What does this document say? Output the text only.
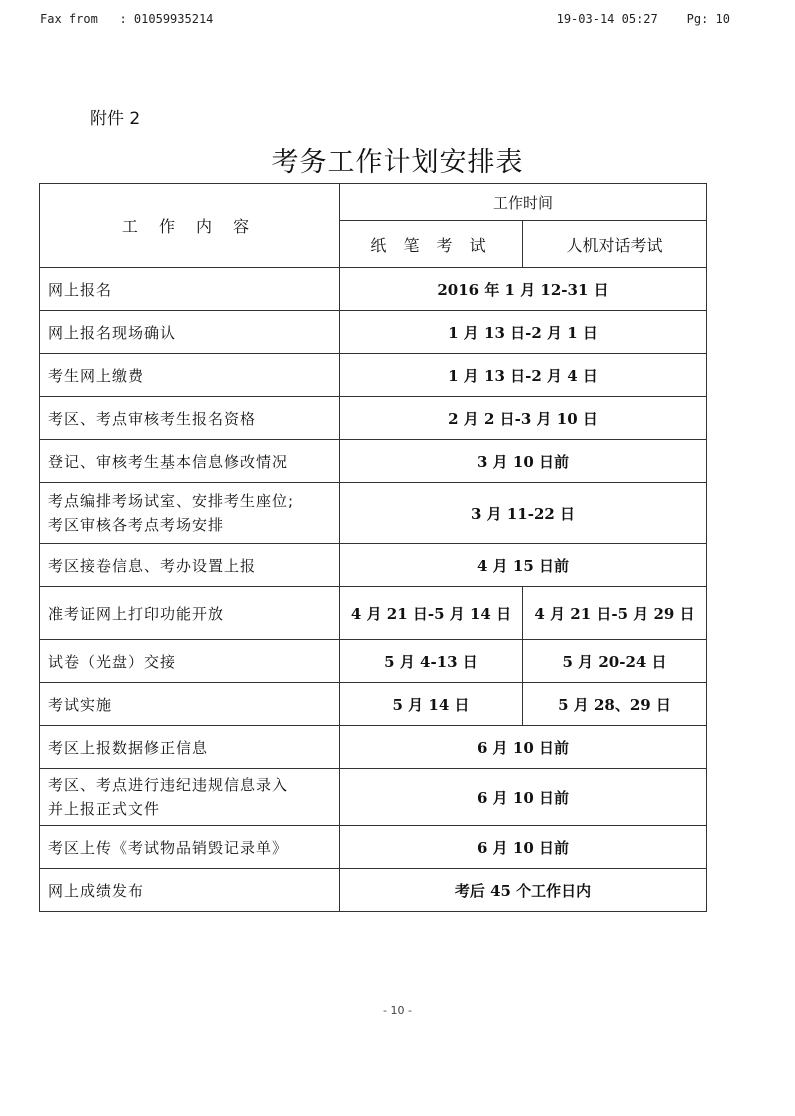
Fax from   : 01059935214	19-03-14 05:27    Pg: 10
附件 2
考务工作计划安排表
工 作 内 容	工作时间	
	纸 笔 考 试	人机对话考试
网上报名	2016 年 1 月 12-31 日	
网上报名现场确认	1 月 13 日-2 月 1 日	
考生网上缴费	1 月 13 日-2 月 4 日	
考区、考点审核考生报名资格	2 月 2 日-3 月 10 日	
登记、审核考生基本信息修改情况	3 月 10 日前	

考点编排考场试室、安排考生座位;
考区审核各考点考场安排	3 月 11-22 日	
考区接卷信息、考办设置上报	4 月 15 日前	
准考证网上打印功能开放	4 月 21 日-5 月 14 日	4 月 21 日-5 月 29 日
试卷（光盘）交接	5 月 4-13 日	5 月 20-24 日
考试实施	5 月 14 日	5 月 28、29 日
考区上报数据修正信息	6 月 10 日前	

考区、考点进行违纪违规信息录入
并上报正式文件	6 月 10 日前	
考区上传《考试物品销毁记录单》	6 月 10 日前	
网上成绩发布	考后 45 个工作日内	
- 10 -
